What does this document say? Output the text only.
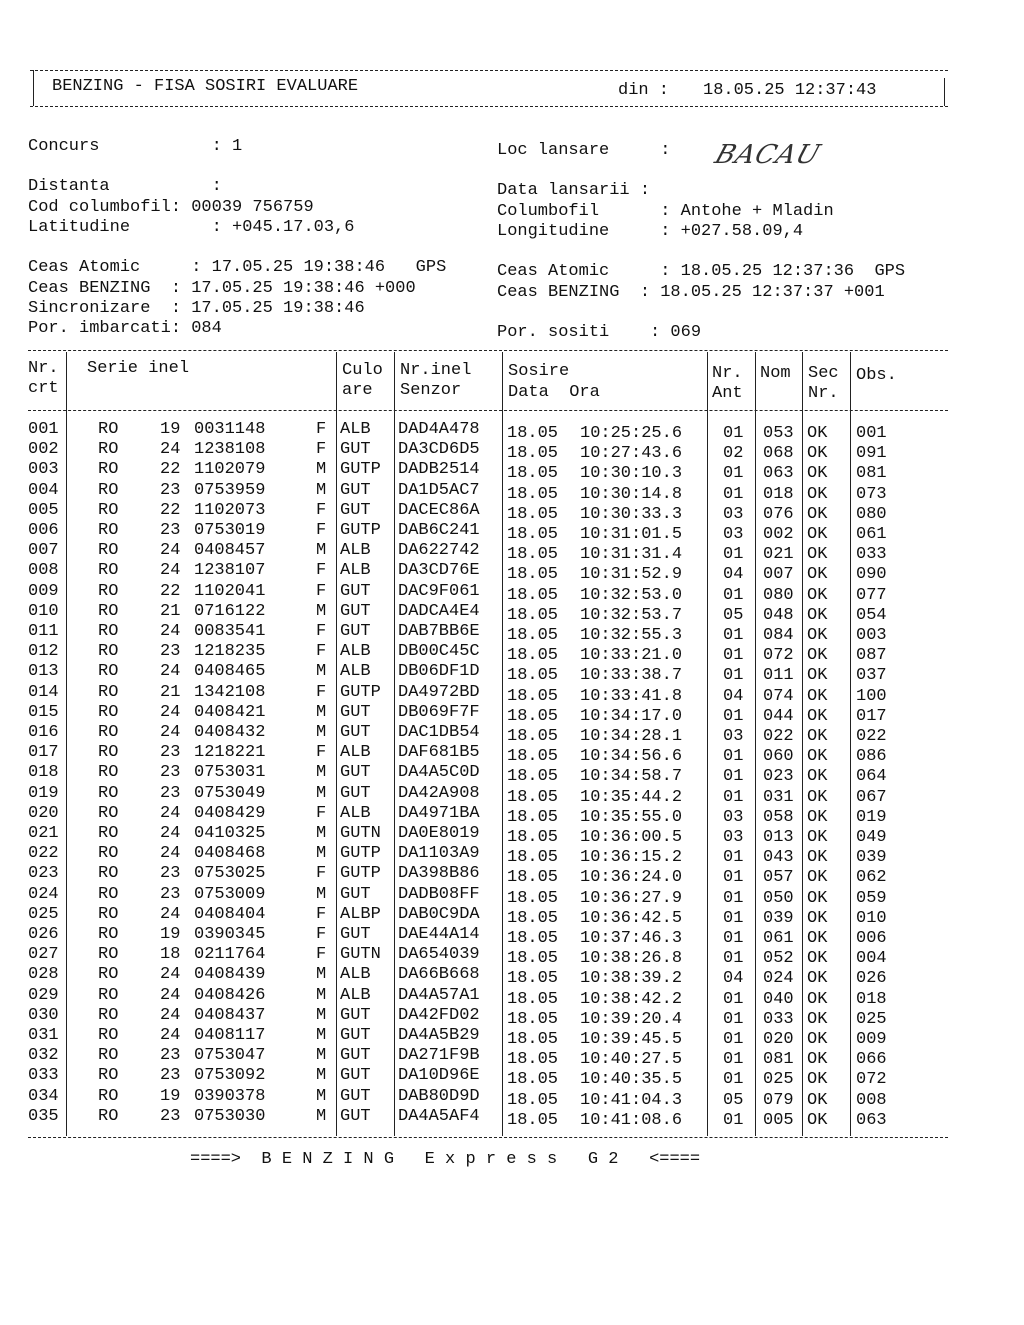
BENZING - FISA SOSIRI EVALUARE	din : 18.05.25 12:37:43
Concurs           : 1
Distanta          :
Cod columbofil: 00039 756759
Latitudine        : +045.17.03,6
Loc lansare     : BACAU
Data lansarii :
Columbofil      : Antohe + Mladin
Longitudine     : +027.58.09,4
Ceas Atomic     : 17.05.25 19:38:46   GPS
Ceas BENZING  : 17.05.25 19:38:46 +000
Sincronizare  : 17.05.25 19:38:46
Por. imbarcati: 084
Ceas Atomic     : 18.05.25 12:37:36  GPS
Ceas BENZING  : 18.05.25 12:37:37 +001
Por. sositi    : 069
Nr.
crt
Serie inel	Culo
are
Nr.inel
Senzor
Sosire
Data  Ora
Nr.
Ant
Nom Sec
Nr.
Obs.
001 RO 19 0031148	F ALB DAD4A478 18.05 10:25:25.6 01 053 OK 001
002 RO 24 1238108	F GUT DA3CD6D5 18.05 10:27:43.6 02 068 OK 091
003 RO 22 1102079	M GUTP DADB2514 18.05 10:30:10.3 01 063 OK 081
004 RO 23 0753959	M GUT DA1D5AC7 18.05 10:30:14.8 01 018 OK 073
005 RO 22 1102073	F GUT DACEC86A 18.05 10:30:33.3 03 076 OK 080
006 RO 23 0753019	F GUTP DAB6C241 18.05 10:31:01.5 03 002 OK 061
007 RO 24 0408457	M ALB DA622742 18.05 10:31:31.4 01 021 OK 033
008 RO 24 1238107	F ALB DA3CD76E 18.05 10:31:52.9 04 007 OK 090
009 RO 22 1102041	F GUT DAC9F061 18.05 10:32:53.0 01 080 OK 077
010 RO 21 0716122	M GUT DADCA4E4 18.05 10:32:53.7 05 048 OK 054
011 RO 24 0083541	F GUT DAB7BB6E 18.05 10:32:55.3 01 084 OK 003
012 RO 23 1218235	F ALB DB00C45C 18.05 10:33:21.0 01 072 OK 087
013 RO 24 0408465	M ALB DB06DF1D 18.05 10:33:38.7 01 011 OK 037
014 RO 21 1342108	F GUTP DA4972BD 18.05 10:33:41.8 04 074 OK 100
015 RO 24 0408421	M GUT DB069F7F 18.05 10:34:17.0 01 044 OK 017
016 RO 24 0408432	M GUT DAC1DB54 18.05 10:34:28.1 03 022 OK 022
017 RO 23 1218221	F ALB DAF681B5 18.05 10:34:56.6 01 060 OK 086
018 RO 23 0753031	M GUT DA4A5C0D 18.05 10:34:58.7 01 023 OK 064
019 RO 23 0753049	M GUT DA42A908 18.05 10:35:44.2 01 031 OK 067
020 RO 24 0408429	F ALB DA4971BA 18.05 10:35:55.0 03 058 OK 019
021 RO 24 0410325	M GUTN DA0E8019 18.05 10:36:00.5 03 013 OK 049
022 RO 24 0408468	M GUTP DA1103A9 18.05 10:36:15.2 01 043 OK 039
023 RO 23 0753025	F GUTP DA398B86 18.05 10:36:24.0 01 057 OK 062
024 RO 23 0753009	M GUT DADB08FF 18.05 10:36:27.9 01 050 OK 059
025 RO 24 0408404	F ALBP DAB0C9DA 18.05 10:36:42.5 01 039 OK 010
026 RO 19 0390345	F GUT DAE44A14 18.05 10:37:46.3 01 061 OK 006
027 RO 18 0211764	F GUTN DA654039 18.05 10:38:26.8 01 052 OK 004
028 RO 24 0408439	M ALB DA66B668 18.05 10:38:39.2 04 024 OK 026
029 RO 24 0408426	M ALB DA4A57A1 18.05 10:38:42.2 01 040 OK 018
030 RO 24 0408437	M GUT DA42FD02 18.05 10:39:20.4 01 033 OK 025
031 RO 24 0408117	M GUT DA4A5B29 18.05 10:39:45.5 01 020 OK 009
032 RO 23 0753047	M GUT DA271F9B 18.05 10:40:27.5 01 081 OK 066
033 RO 23 0753092	M GUT DA10D96E 18.05 10:40:35.5 01 025 OK 072
034 RO 19 0390378	M GUT DAB80D9D 18.05 10:41:04.3 05 079 OK 008
035 RO 23 0753030	M GUT DA4A5AF4 18.05 10:41:08.6 01 005 OK 063
====>  B E N Z I N G   E x p r e s s   G 2   <====
